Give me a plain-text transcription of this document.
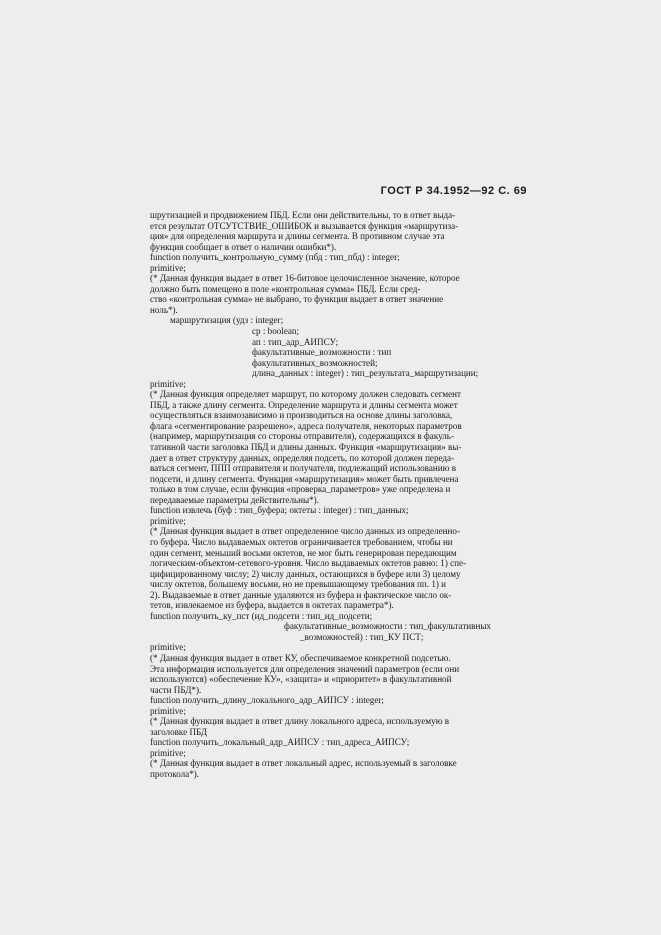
ГОСТ Р 34.1952—92 С. 69
шрутизацией и продвижением ПБД. Если они действительны, то в ответ выда-
ется результат ОТСУТСТВИЕ_ОШИБОК и вызывается функция «маршрутиза-
ция» для определения маршрута и длины сегмента. В противном случае эта
функция сообщает в ответ о наличии ошибки*).
function получить_контрольную_сумму (пбд : тип_пбд) : integer;
primitive;
(* Данная функция выдает в ответ 16-битовое целочисленное значение, которое
должно быть помещено в поле «контрольная сумма» ПБД. Если сред-
ство «контрольная сумма» не выбрано, то функция выдает в ответ значение
ноль*).
маршрутизация (удз : integer;
ср : boolean;
ап : тип_адр_АИПСУ;
факультативные_возможности : тип
факультативных_возможностей;
длина_данных : integer) : тип_результата_маршрутизации;
primitive;
(* Данная функция определяет маршрут, по которому должен следовать сегмент
ПБД, а также длину сегмента. Определение маршрута и длины сегмента может
осуществляться взаимозависимо и производиться на основе длины заголовка,
флага «сегментирование разрешено», адреса получателя, некоторых параметров
(например, маршрутизация со стороны отправителя), содержащихся в факуль-
тативной части заголовка ПБД и длины данных. Функция «маршрутизация» вы-
дает в ответ структуру данных, определяя подсеть, по которой должен переда-
ваться сегмент, ППП отправителя и получателя, подлежащий использованию в
подсети, и длину сегмента. Функция «маршрутизация» может быть привлечена
только в том случае, если функция «проверка_параметров» уже определена и
передаваемые параметры действительны*).
function извлечь (буф : тип_буфера; октеты : integer) : тип_данных;
primitive;
(* Данная функция выдает в ответ определенное число данных из определенно-
го буфера. Число выдаваемых октетов ограничивается требованием, чтобы ни
один сегмент, меньший восьми октетов, не мог быть генерирован передающим
логическим-объектом-сетевого-уровня. Число выдаваемых октетов равно: 1) спе-
цифицированному числу; 2) числу данных, остающихся в буфере или 3) целому
числу октетов, большему восьми, но не превышающему требования пп. 1) и
2). Выдаваемые в ответ данные удаляются из буфера и фактическое число ок-
тетов, извлекаемое из буфера, выдается в октетах параметра*).
function получить_ку_пст (ид_подсети : тип_ид_подсети;
факультативные_возможности : тип_факультативных
_возможностей) : тип_КУ ПСТ;
primitive;
(* Данная функция выдает в ответ КУ, обеспечиваемое конкретной подсетью.
Эта информация используется для определения значений параметров (если они
используются) «обеспечение КУ», «защита» и «приоритет» в факультативной
части ПБД*).
function получить_длину_локального_адр_АИПСУ : integer;
primitive;
(* Данная функция выдает в ответ длину локального адреса, используемую в
заголовке ПБД
function получить_локальный_адр_АИПСУ : тип_адреса_АИПСУ;
primitive;
(* Данная функция выдает в ответ локальный адрес, используемый в заголовке
протокола*).
